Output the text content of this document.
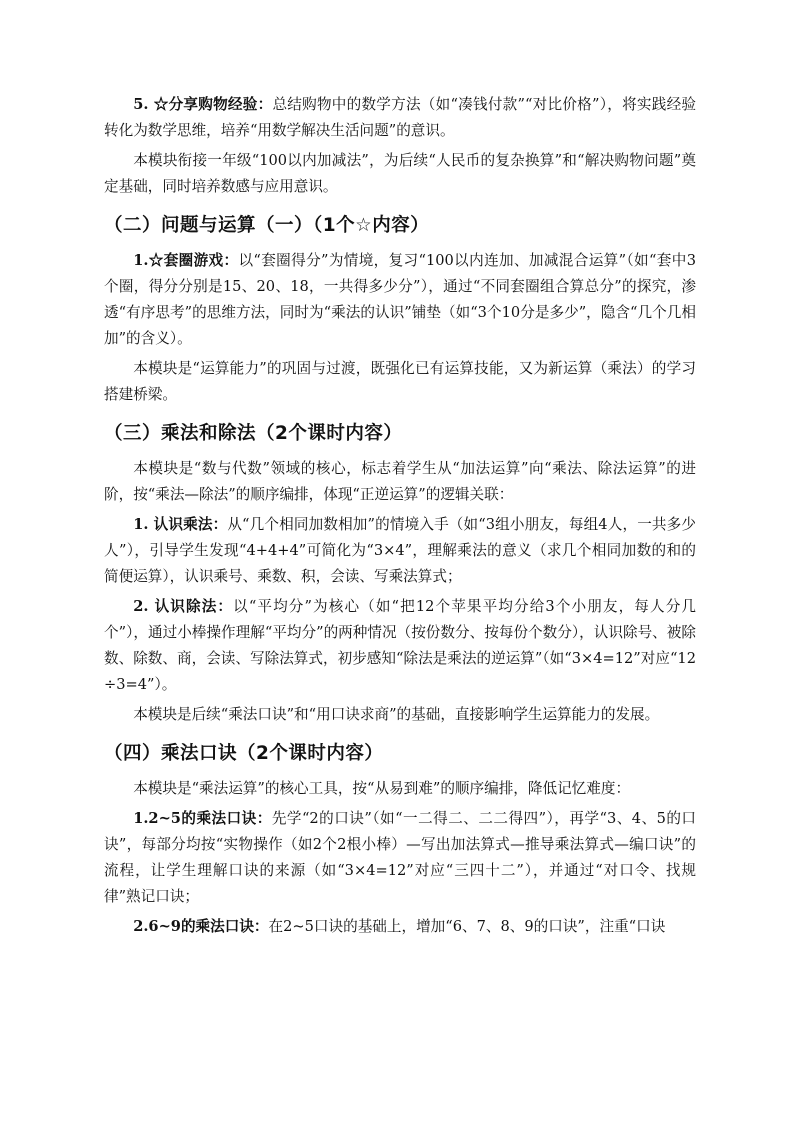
5. ☆分享购物经验：总结购物中的数学方法（如“凑钱付款”“对比价格”），将实践经验转化为数学思维，培养“用数学解决生活问题”的意识。

本模块衔接一年级“100以内加减法”，为后续“人民币的复杂换算”和“解决购物问题”奠定基础，同时培养数感与应用意识。

（二）问题与运算（一）（1个☆内容）

1.☆套圈游戏：以“套圈得分”为情境，复习“100以内连加、加减混合运算”（如“套中3个圈，得分分别是15、20、18，一共得多少分”），通过“不同套圈组合算总分”的探究，渗透“有序思考”的思维方法，同时为“乘法的认识”铺垫（如“3个10分是多少”，隐含“几个几相加”的含义）。

本模块是“运算能力”的巩固与过渡，既强化已有运算技能，又为新运算（乘法）的学习搭建桥梁。

（三）乘法和除法（2个课时内容）

本模块是“数与代数”领域的核心，标志着学生从“加法运算”向“乘法、除法运算”的进阶，按“乘法—除法”的顺序编排，体现“正逆运算”的逻辑关联：

1. 认识乘法：从“几个相同加数相加”的情境入手（如“3组小朋友，每组4人，一共多少人”），引导学生发现“4+4+4”可简化为“3×4”，理解乘法的意义（求几个相同加数的和的简便运算），认识乘号、乘数、积，会读、写乘法算式；

2. 认识除法：以“平均分”为核心（如“把12个苹果平均分给3个小朋友，每人分几个”），通过小棒操作理解“平均分”的两种情况（按份数分、按每份个数分），认识除号、被除数、除数、商，会读、写除法算式，初步感知“除法是乘法的逆运算”（如“3×4=12”对应“12÷3=4”）。

本模块是后续“乘法口诀”和“用口诀求商”的基础，直接影响学生运算能力的发展。

（四）乘法口诀（2个课时内容）

本模块是“乘法运算”的核心工具，按“从易到难”的顺序编排，降低记忆难度：

1.2~5的乘法口诀：先学“2的口诀”（如“一二得二、二二得四”），再学“3、4、5的口诀”，每部分均按“实物操作（如2个2根小棒）—写出加法算式—推导乘法算式—编口诀”的流程，让学生理解口诀的来源（如“3×4=12”对应“三四十二”），并通过“对口令、找规律”熟记口诀；

2.6~9的乘法口诀：在2~5口诀的基础上，增加“6、7、8、9的口诀”，注重“口诀
